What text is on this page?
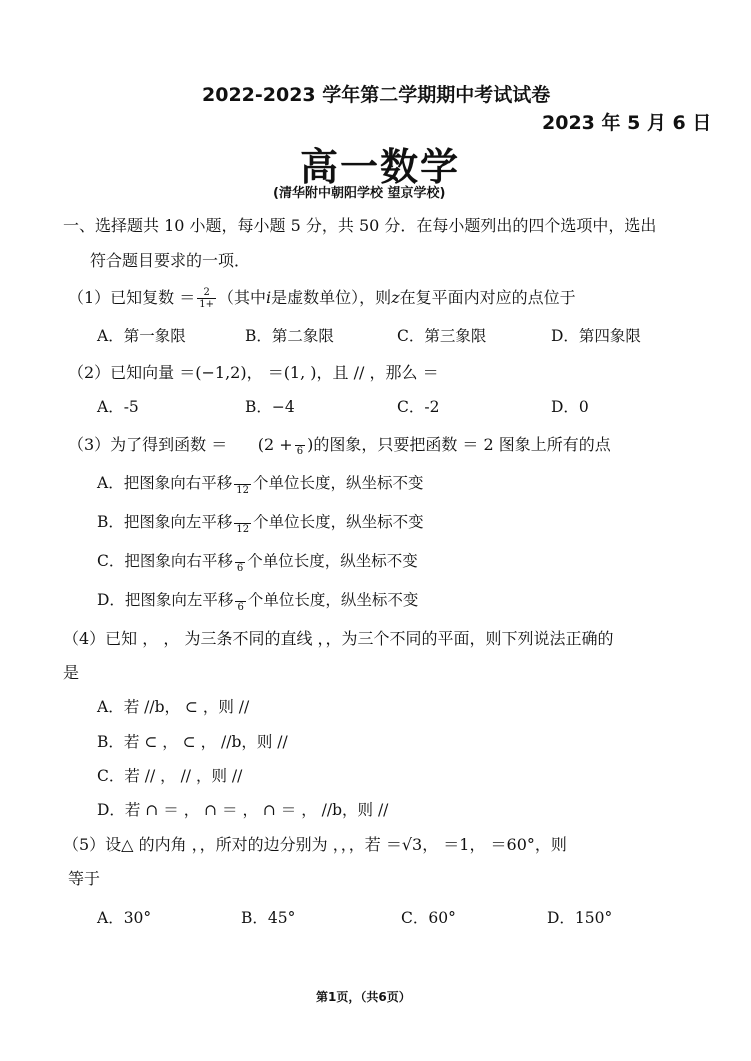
2022-2023 学年第二学期期中考试试卷
2023 年 5 月 6 日
高一数学
(清华附中朝阳学校 望京学校)
一、选择题共 10 小题，每小题 5 分，共 50 分．在每小题列出的四个选项中，选出
符合题目要求的一项．
（1）已知复数 ＝ $\frac{2}{1+}$ （其中i是虚数单位），则z在复平面内对应的点位于
A．第一象限	B．第二象限	C．第三象限	D．第四象限
（2）已知向量 ＝(−1,2)， ＝(1, )，且 // ，那么 ＝
A．-5	B．−4	C．-2	D．0
（3）为了得到函数 ＝ (2 +
6 )的图象，只要把函数 ＝ 2 图象上所有的点
A．把图象向右平移
12 个单位长度，纵坐标不变
B．把图象向左平移
12 个单位长度，纵坐标不变
C．把图象向右平移
6 个单位长度，纵坐标不变
D．把图象向左平移
6 个单位长度，纵坐标不变
（4）已知 ， ， 为三条不同的直线 ，，为三个不同的平面，则下列说法正确的
是
A．若 //b， ⊂ ，则 //
B．若 ⊂ ， ⊂ ， //b，则 //
C．若 // ， // ，则 //
D．若 ∩ ＝ ， ∩ ＝ ， ∩ ＝ ， //b，则 //
（5）设△ 的内角 ，，所对的边分别为 ，，，若 ＝√3， ＝1， ＝60°，则
等于
A．30°	B．45°	C．60°	D．150°
第1页，（共6页）
